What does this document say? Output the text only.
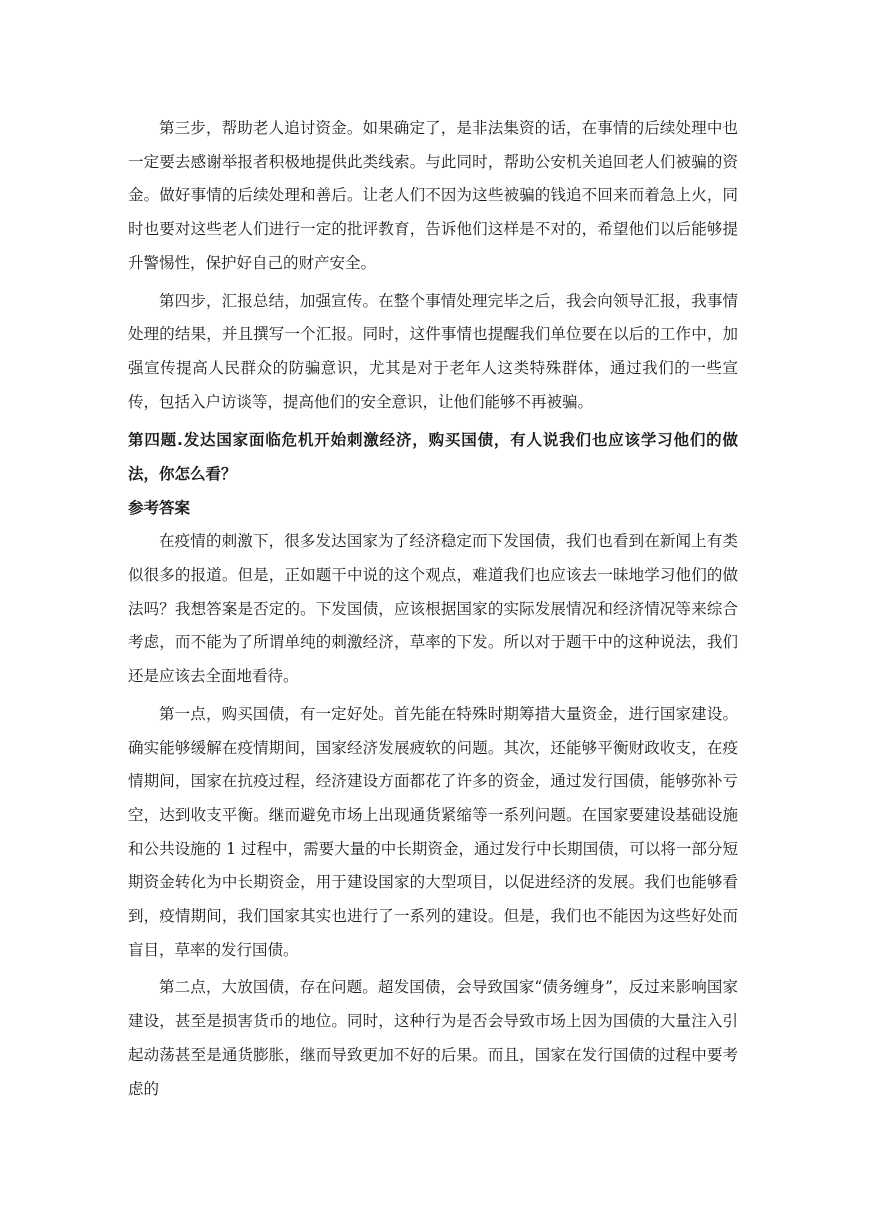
第三步，帮助老人追讨资金。如果确定了，是非法集资的话，在事情的后续处理中也一定要去感谢举报者积极地提供此类线索。与此同时，帮助公安机关追回老人们被骗的资金。做好事情的后续处理和善后。让老人们不因为这些被骗的钱追不回来而着急上火，同时也要对这些老人们进行一定的批评教育，告诉他们这样是不对的，希望他们以后能够提升警惕性，保护好自己的财产安全。

第四步，汇报总结，加强宣传。在整个事情处理完毕之后，我会向领导汇报，我事情处理的结果，并且撰写一个汇报。同时，这件事情也提醒我们单位要在以后的工作中，加强宣传提高人民群众的防骗意识，尤其是对于老年人这类特殊群体，通过我们的一些宣传，包括入户访谈等，提高他们的安全意识，让他们能够不再被骗。

第四题.发达国家面临危机开始刺激经济，购买国债，有人说我们也应该学习他们的做法，你怎么看？

参考答案

在疫情的刺激下，很多发达国家为了经济稳定而下发国债，我们也看到在新闻上有类似很多的报道。但是，正如题干中说的这个观点，难道我们也应该去一昧地学习他们的做法吗？我想答案是否定的。下发国债，应该根据国家的实际发展情况和经济情况等来综合考虑，而不能为了所谓单纯的刺激经济，草率的下发。所以对于题干中的这种说法，我们还是应该去全面地看待。

第一点，购买国债，有一定好处。首先能在特殊时期筹措大量资金，进行国家建设。确实能够缓解在疫情期间，国家经济发展疲软的问题。其次，还能够平衡财政收支，在疫情期间，国家在抗疫过程，经济建设方面都花了许多的资金，通过发行国债，能够弥补亏空，达到收支平衡。继而避免市场上出现通货紧缩等一系列问题。在国家要建设基础设施和公共设施的 1 过程中，需要大量的中长期资金，通过发行中长期国债，可以将一部分短期资金转化为中长期资金，用于建设国家的大型项目，以促进经济的发展。我们也能够看到，疫情期间，我们国家其实也进行了一系列的建设。但是，我们也不能因为这些好处而盲目，草率的发行国债。

第二点，大放国债，存在问题。超发国债，会导致国家“债务缠身”，反过来影响国家建设，甚至是损害货币的地位。同时，这种行为是否会导致市场上因为国债的大量注入引起动荡甚至是通货膨胀，继而导致更加不好的后果。而且，国家在发行国债的过程中要考虑的
